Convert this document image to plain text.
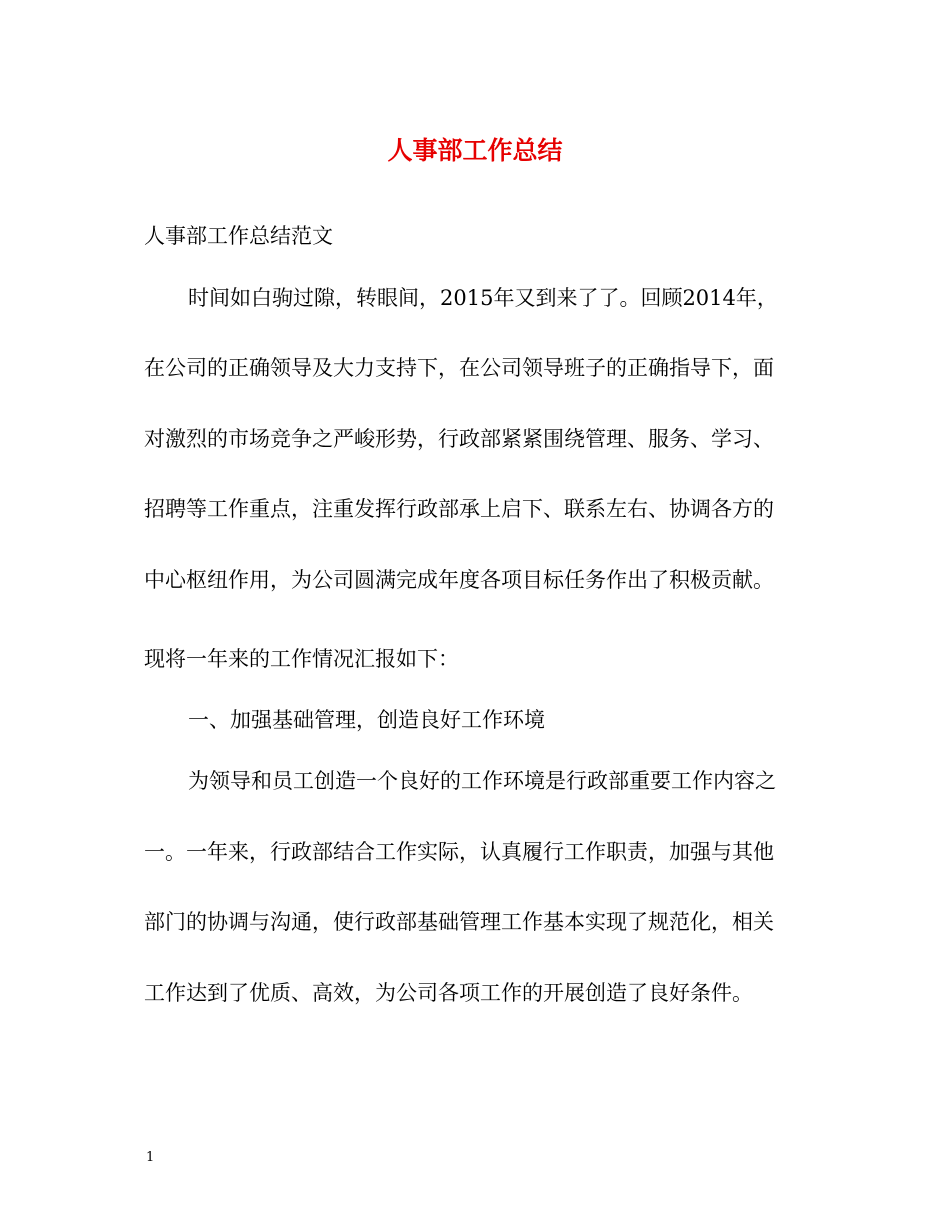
人事部工作总结

人事部工作总结范文

时间如白驹过隙，转眼间，2015年又到来了了。回顾2014年，

在公司的正确领导及大力支持下，在公司领导班子的正确指导下，面

对激烈的市场竞争之严峻形势，行政部紧紧围绕管理、服务、学习、

招聘等工作重点，注重发挥行政部承上启下、联系左右、协调各方的

中心枢纽作用，为公司圆满完成年度各项目标任务作出了积极贡献。

现将一年来的工作情况汇报如下：

一、加强基础管理，创造良好工作环境

为领导和员工创造一个良好的工作环境是行政部重要工作内容之

一。一年来，行政部结合工作实际，认真履行工作职责，加强与其他

部门的协调与沟通，使行政部基础管理工作基本实现了规范化，相关

工作达到了优质、高效，为公司各项工作的开展创造了良好条件。

1
